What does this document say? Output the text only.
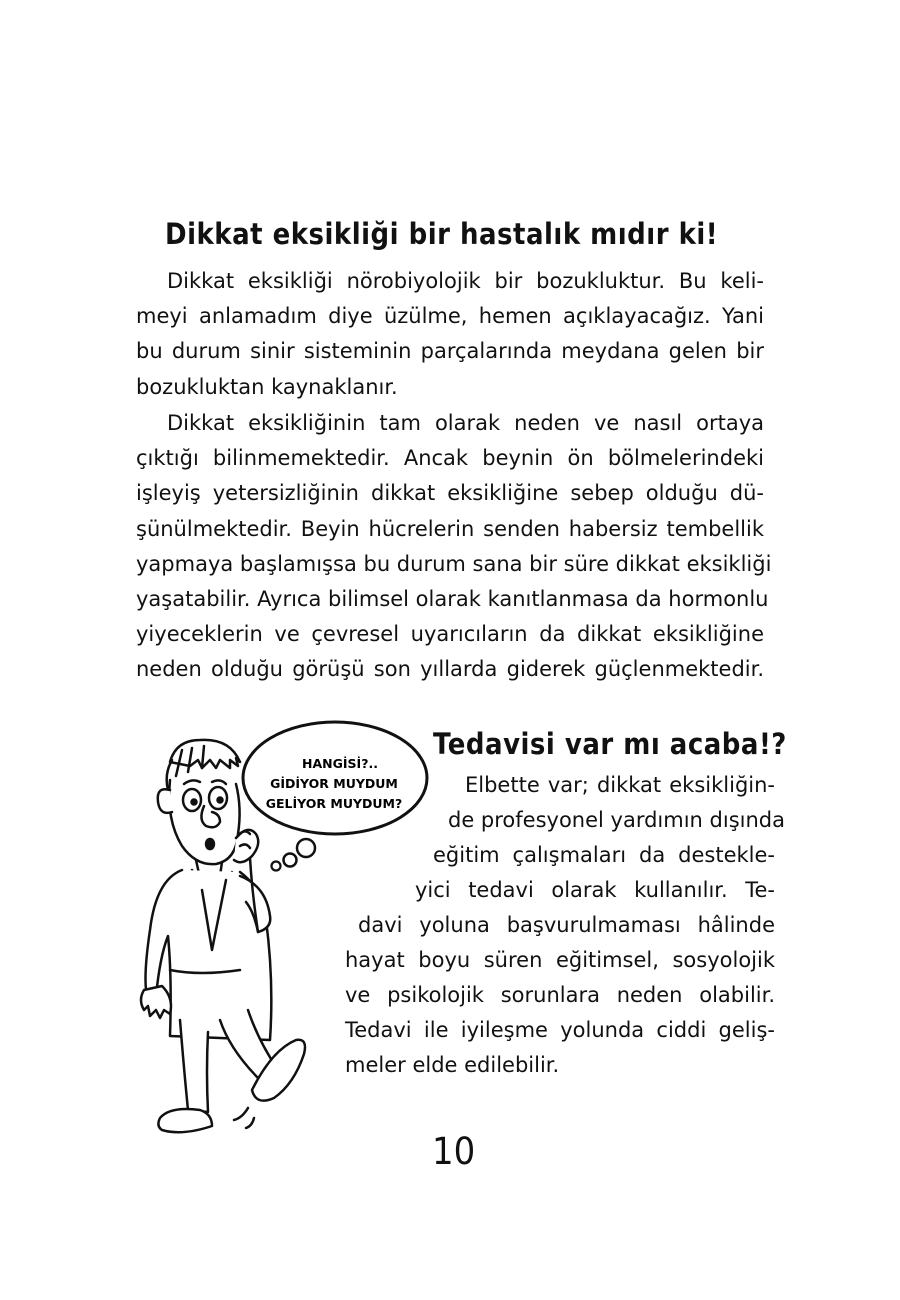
Dikkat eksikliği bir hastalık mıdır ki!
Dikkat eksikliği nörobiyolojik bir bozukluktur. Bu keli-
meyi anlamadım diye üzülme, hemen açıklayacağız. Yani
bu durum sinir sisteminin parçalarında meydana gelen bir
bozukluktan kaynaklanır.
Dikkat eksikliğinin tam olarak neden ve nasıl ortaya
çıktığı bilinmemektedir. Ancak beynin ön bölmelerindeki
işleyiş yetersizliğinin dikkat eksikliğine sebep olduğu dü-
şünülmektedir. Beyin hücrelerin senden habersiz tembellik
yapmaya başlamışsa bu durum sana bir süre dikkat eksikliği
yaşatabilir. Ayrıca bilimsel olarak kanıtlanmasa da hormonlu
yiyeceklerin ve çevresel uyarıcıların da dikkat eksikliğine
neden olduğu görüşü son yıllarda giderek güçlenmektedir.
Tedavisi var mı acaba!?
Elbette var; dikkat eksikliğin-
de profesyonel yardımın dışında
eğitim çalışmaları da destekle-
yici tedavi olarak kullanılır. Te-
davi yoluna başvurulmaması hâlinde
hayat boyu süren eğitimsel, sosyolojik
ve psikolojik sorunlara neden olabilir.
Tedavi ile iyileşme yolunda ciddi geliş-
meler elde edilebilir.
HANGİSİ?..
GİDİYOR MUYDUM
GELİYOR MUYDUM?
10
